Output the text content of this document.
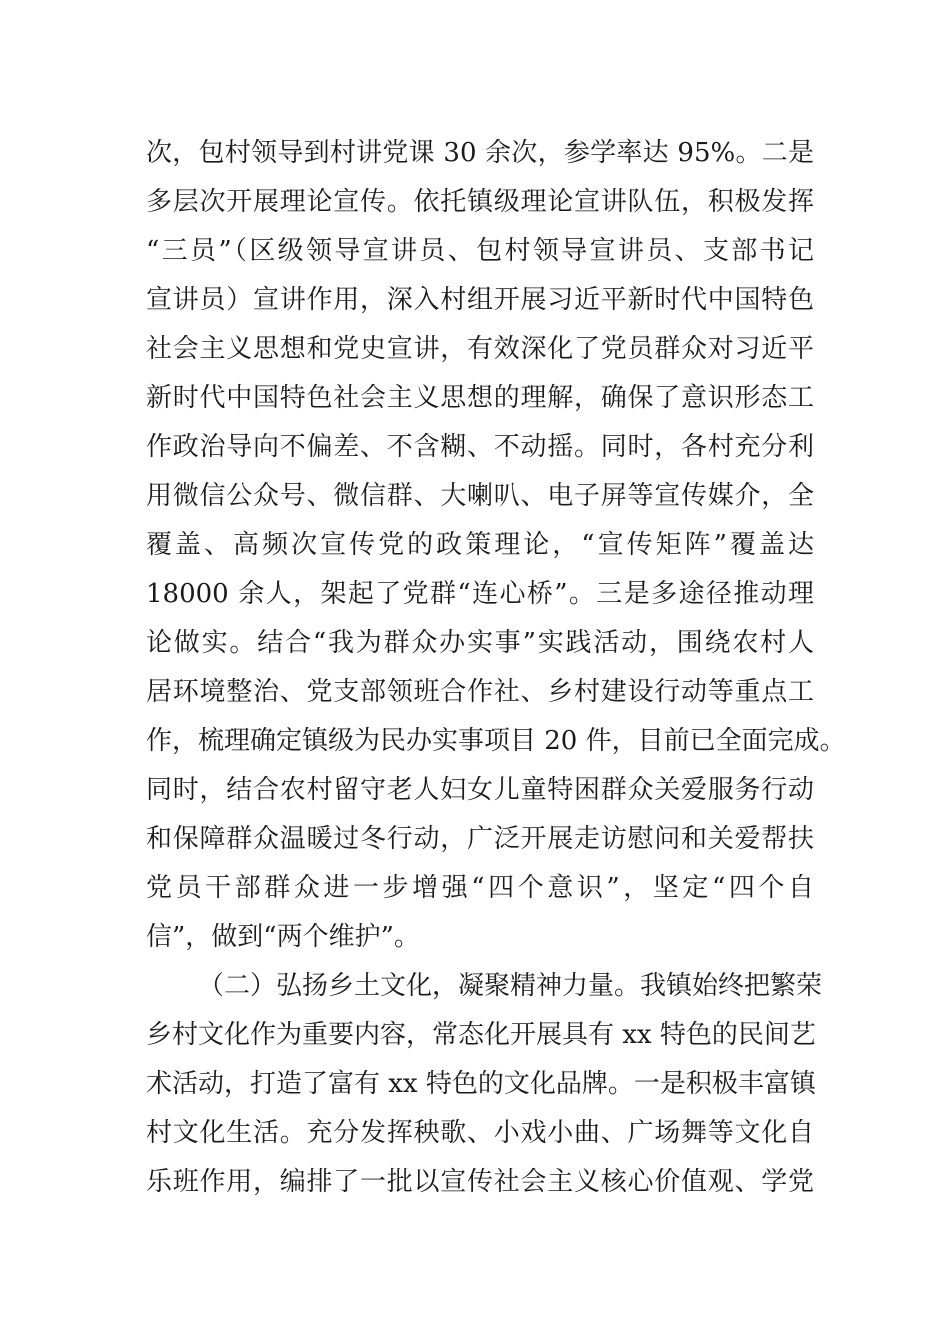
次，包村领导到村讲党课 30 余次，参学率达 95%。二是
多层次开展理论宣传。依托镇级理论宣讲队伍，积极发挥
“三员”（区级领导宣讲员、包村领导宣讲员、支部书记
宣讲员）宣讲作用，深入村组开展习近平新时代中国特色
社会主义思想和党史宣讲，有效深化了党员群众对习近平
新时代中国特色社会主义思想的理解，确保了意识形态工
作政治导向不偏差、不含糊、不动摇。同时，各村充分利
用微信公众号、微信群、大喇叭、电子屏等宣传媒介，全
覆盖、高频次宣传党的政策理论，“宣传矩阵”覆盖达
18000 余人，架起了党群“连心桥”。三是多途径推动理
论做实。结合“我为群众办实事”实践活动，围绕农村人
居环境整治、党支部领班合作社、乡村建设行动等重点工
作，梳理确定镇级为民办实事项目 20 件，目前已全面完成。
同时，结合农村留守老人妇女儿童特困群众关爱服务行动
和保障群众温暖过冬行动，广泛开展走访慰问和关爱帮扶
党员干部群众进一步增强“四个意识”，坚定“四个自
信”，做到“两个维护”。
（二）弘扬乡土文化，凝聚精神力量。我镇始终把繁荣
乡村文化作为重要内容，常态化开展具有 xx 特色的民间艺
术活动，打造了富有 xx 特色的文化品牌。一是积极丰富镇
村文化生活。充分发挥秧歌、小戏小曲、广场舞等文化自
乐班作用，编排了一批以宣传社会主义核心价值观、学党
